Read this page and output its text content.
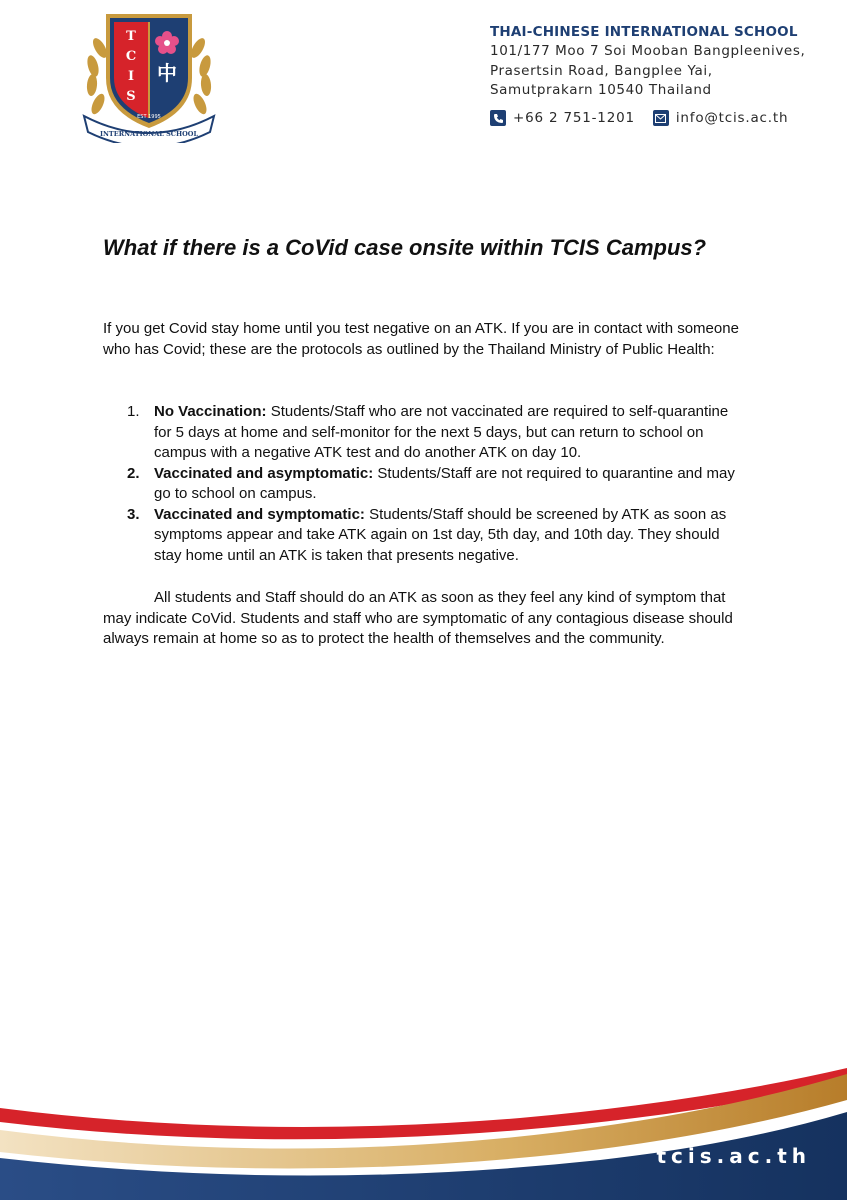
中
T
C
I
S
EST 1995
INTERNATIONAL SCHOOL
THAI-CHINESE INTERNATIONAL SCHOOL
101/177 Moo 7 Soi Mooban Bangpleenives,
Prasertsin Road, Bangplee Yai,
Samutprakarn 10540 Thailand
+66 2 751-1201	info@tcis.ac.th
What if there is a CoVid case onsite within TCIS Campus?

If you get Covid stay home until you test negative on an ATK. If you are in contact with someone who has Covid; these are the protocols as outlined by the Thailand Ministry of Public Health:

1. No Vaccination: Students/Staff who are not vaccinated are required to self-quarantine for 5 days at home and self-monitor for the next 5 days, but can return to school on campus with a negative ATK test and do another ATK on day 10.
2. Vaccinated and asymptomatic: Students/Staff are not required to quarantine and may go to school on campus.
3. Vaccinated and symptomatic: Students/Staff should be screened by ATK as soon as symptoms appear and take ATK again on 1st day, 5th day, and 10th day. They should stay home until an ATK is taken that presents negative.

All students and Staff should do an ATK as soon as they feel any kind of symptom that may indicate CoVid. Students and staff who are symptomatic of any contagious disease should always remain at home so as to protect the health of themselves and the community.

tcis.ac.th
